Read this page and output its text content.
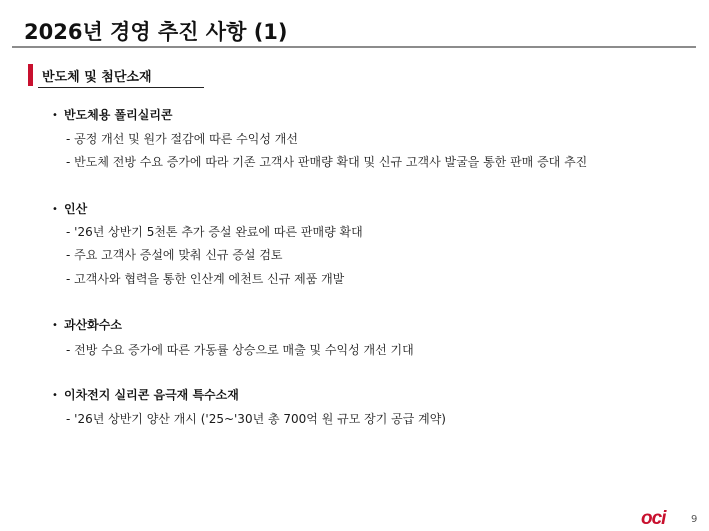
2026년 경영 추진 사항 (1)
반도체 및 첨단소재
• 반도체용 폴리실리콘
- 공정 개선 및 원가 절감에 따른 수익성 개선
- 반도체 전방 수요 증가에 따라 기존 고객사 판매량 확대 및 신규 고객사 발굴을 통한 판매 증대 추진
• 인산
- '26년 상반기 5천톤 추가 증설 완료에 따른 판매량 확대
- 주요 고객사 증설에 맞춰 신규 증설 검토
- 고객사와 협력을 통한 인산계 에천트 신규 제품 개발
• 과산화수소
- 전방 수요 증가에 따른 가동률 상승으로 매출 및 수익성 개선 기대
• 이차전지 실리콘 음극재 특수소재
- '26년 상반기 양산 개시 ('25~'30년 총 700억 원 규모 장기 공급 계약)
oci	9
